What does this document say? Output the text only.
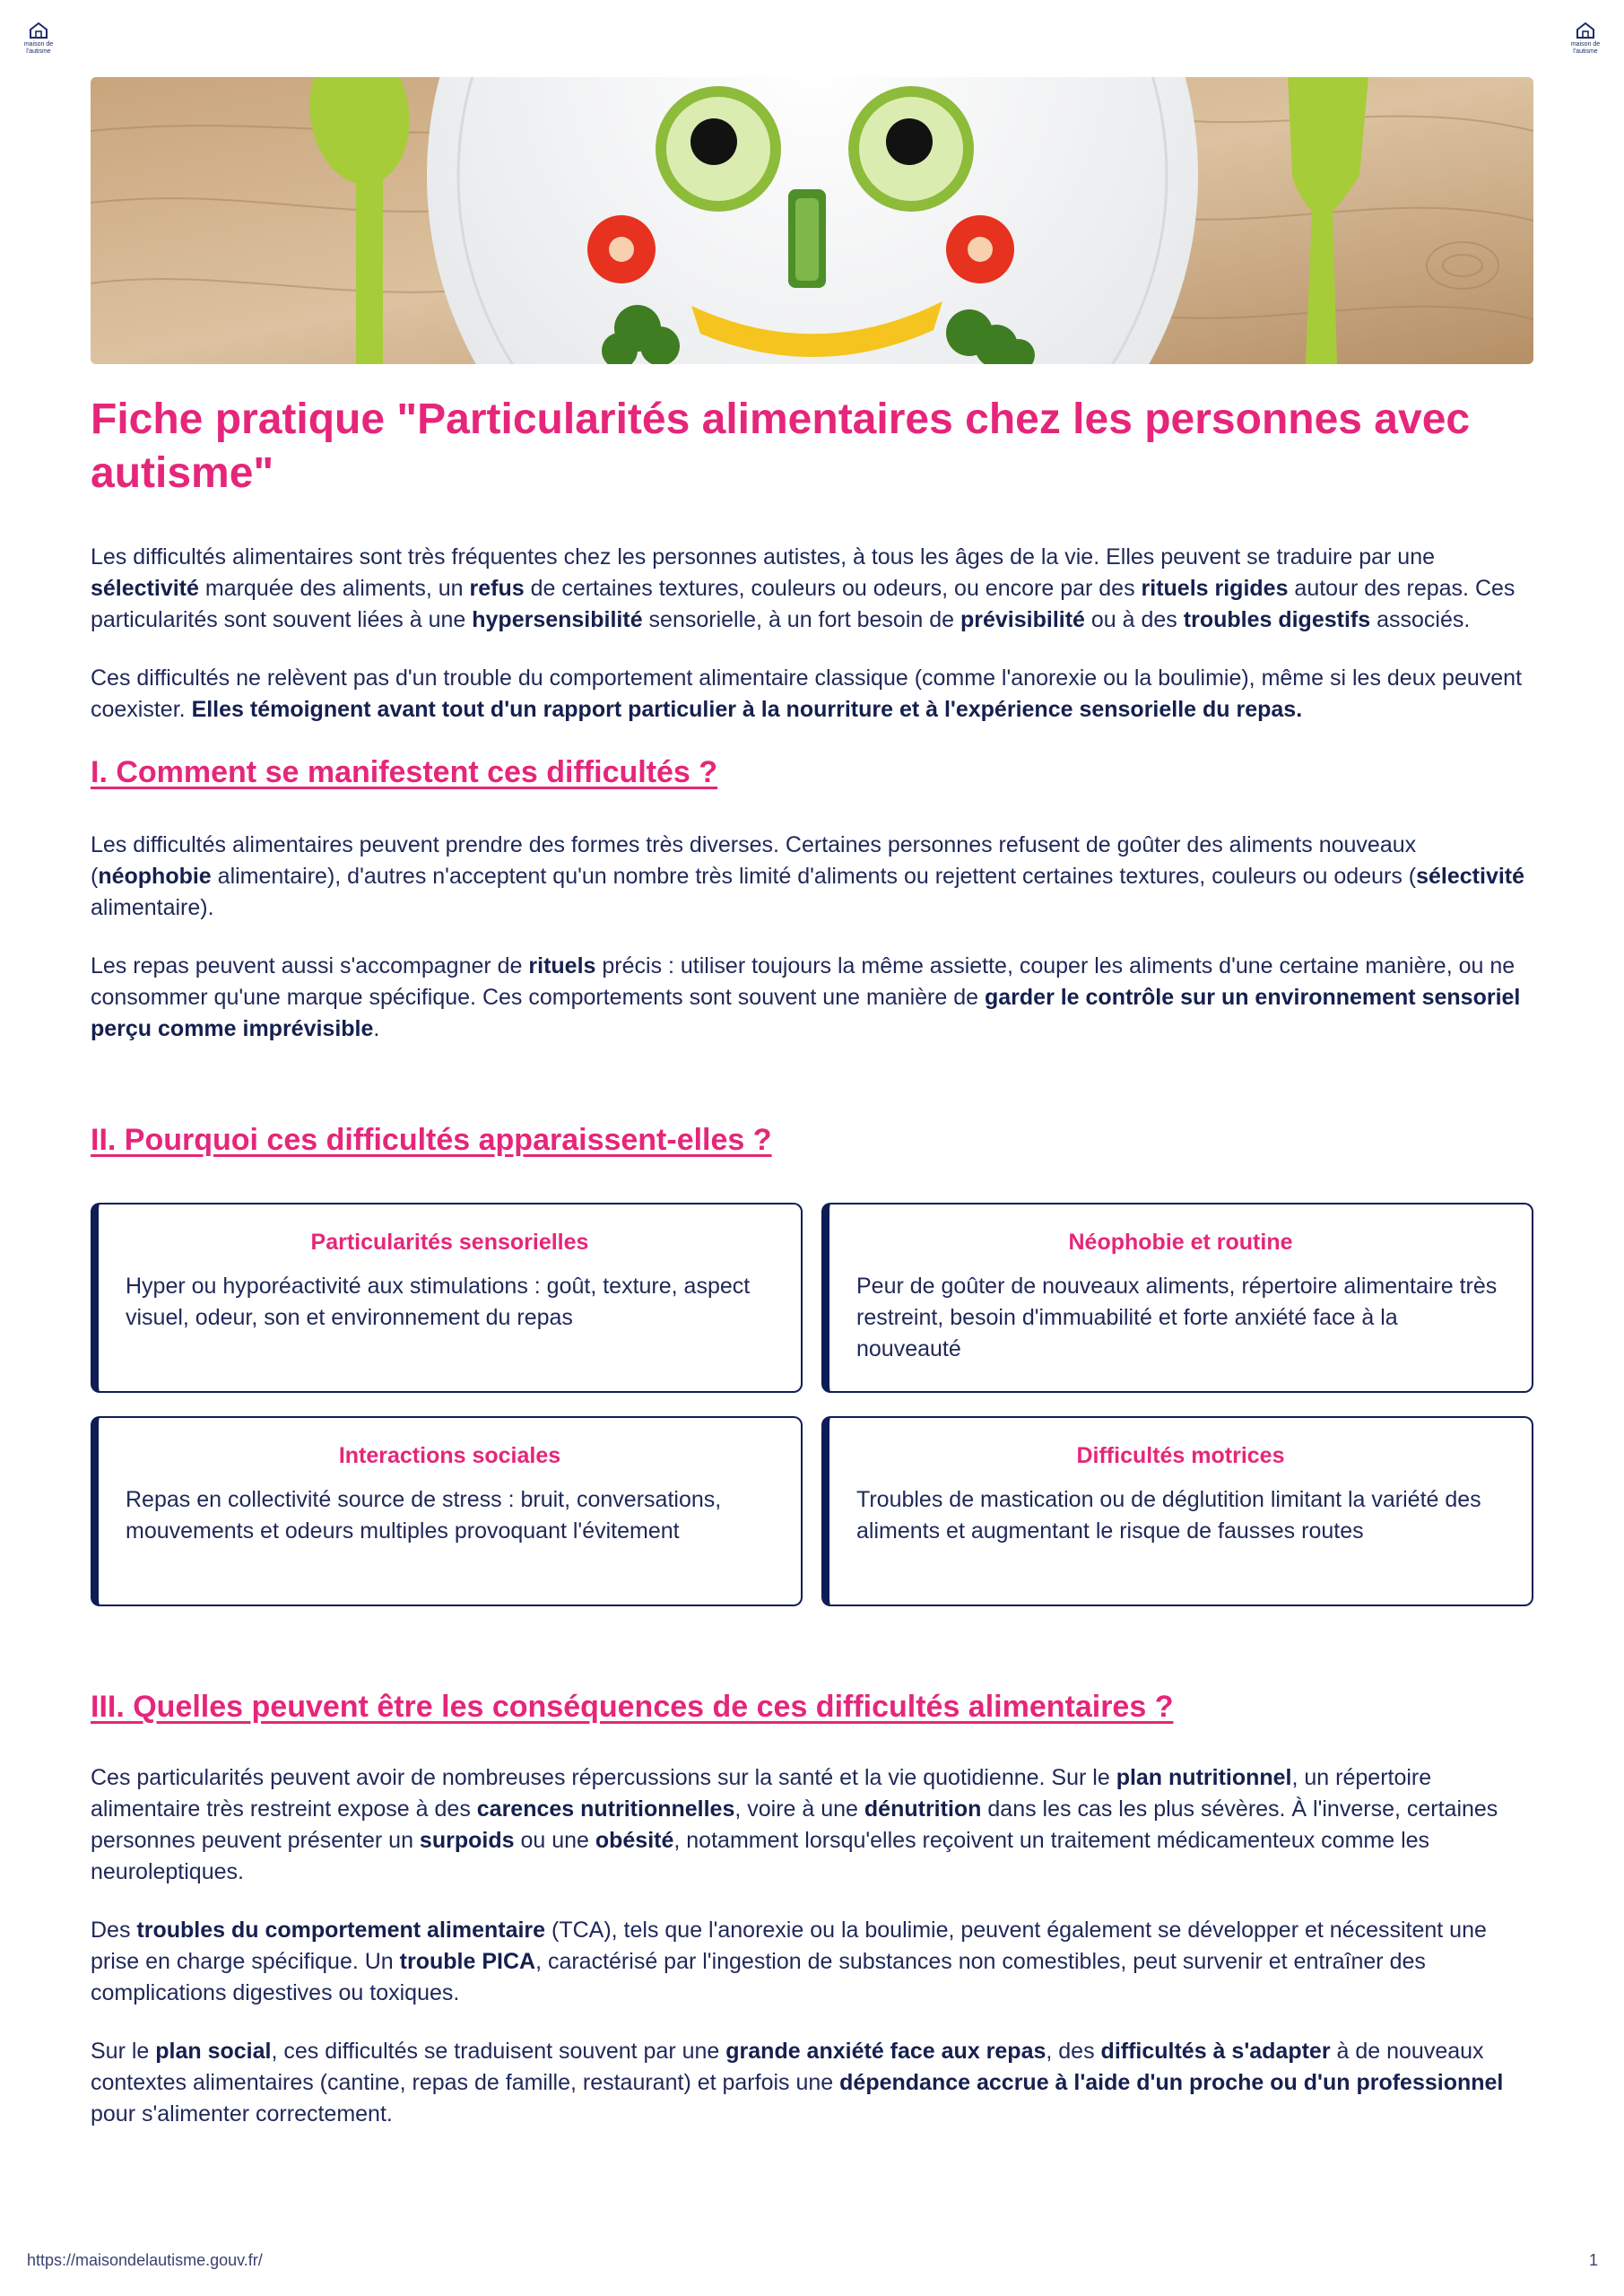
maison de
l'autisme
maison de
l'autisme
Fiche pratique "Particularités alimentaires chez les personnes avec autisme"

Les difficultés alimentaires sont très fréquentes chez les personnes autistes, à tous les âges de la vie. Elles peuvent se traduire par une sélectivité marquée des aliments, un refus de certaines textures, couleurs ou odeurs, ou encore par des rituels rigides autour des repas. Ces particularités sont souvent liées à une hypersensibilité sensorielle, à un fort besoin de prévisibilité ou à des troubles digestifs associés.

Ces difficultés ne relèvent pas d'un trouble du comportement alimentaire classique (comme l'anorexie ou la boulimie), même si les deux peuvent coexister. Elles témoignent avant tout d'un rapport particulier à la nourriture et à l'expérience sensorielle du repas.

I. Comment se manifestent ces difficultés ?

Les difficultés alimentaires peuvent prendre des formes très diverses. Certaines personnes refusent de goûter des aliments nouveaux (néophobie alimentaire), d'autres n'acceptent qu'un nombre très limité d'aliments ou rejettent certaines textures, couleurs ou odeurs (sélectivité alimentaire).

Les repas peuvent aussi s'accompagner de rituels précis : utiliser toujours la même assiette, couper les aliments d'une certaine manière, ou ne consommer qu'une marque spécifique. Ces comportements sont souvent une manière de garder le contrôle sur un environnement sensoriel perçu comme imprévisible.

II. Pourquoi ces difficultés apparaissent-elles ?
Particularités sensorielles
Hyper ou hyporéactivité aux stimulations : goût, texture, aspect visuel, odeur, son et environnement du repas
Néophobie et routine
Peur de goûter de nouveaux aliments, répertoire alimentaire très restreint, besoin d'immuabilité et forte anxiété face à la nouveauté
Interactions sociales
Repas en collectivité source de stress : bruit, conversations, mouvements et odeurs multiples provoquant l'évitement
Difficultés motrices
Troubles de mastication ou de déglutition limitant la variété des aliments et augmentant le risque de fausses routes
III. Quelles peuvent être les conséquences de ces difficultés alimentaires ?

Ces particularités peuvent avoir de nombreuses répercussions sur la santé et la vie quotidienne. Sur le plan nutritionnel, un répertoire alimentaire très restreint expose à des carences nutritionnelles, voire à une dénutrition dans les cas les plus sévères. À l'inverse, certaines personnes peuvent présenter un surpoids ou une obésité, notamment lorsqu'elles reçoivent un traitement médicamenteux comme les neuroleptiques.

Des troubles du comportement alimentaire (TCA), tels que l'anorexie ou la boulimie, peuvent également se développer et nécessitent une prise en charge spécifique. Un trouble PICA, caractérisé par l'ingestion de substances non comestibles, peut survenir et entraîner des complications digestives ou toxiques.

Sur le plan social, ces difficultés se traduisent souvent par une grande anxiété face aux repas, des difficultés à s'adapter à de nouveaux contextes alimentaires (cantine, repas de famille, restaurant) et parfois une dépendance accrue à l'aide d'un proche ou d'un professionnel pour s'alimenter correctement.

https://maisondelautisme.gouv.fr/	1
